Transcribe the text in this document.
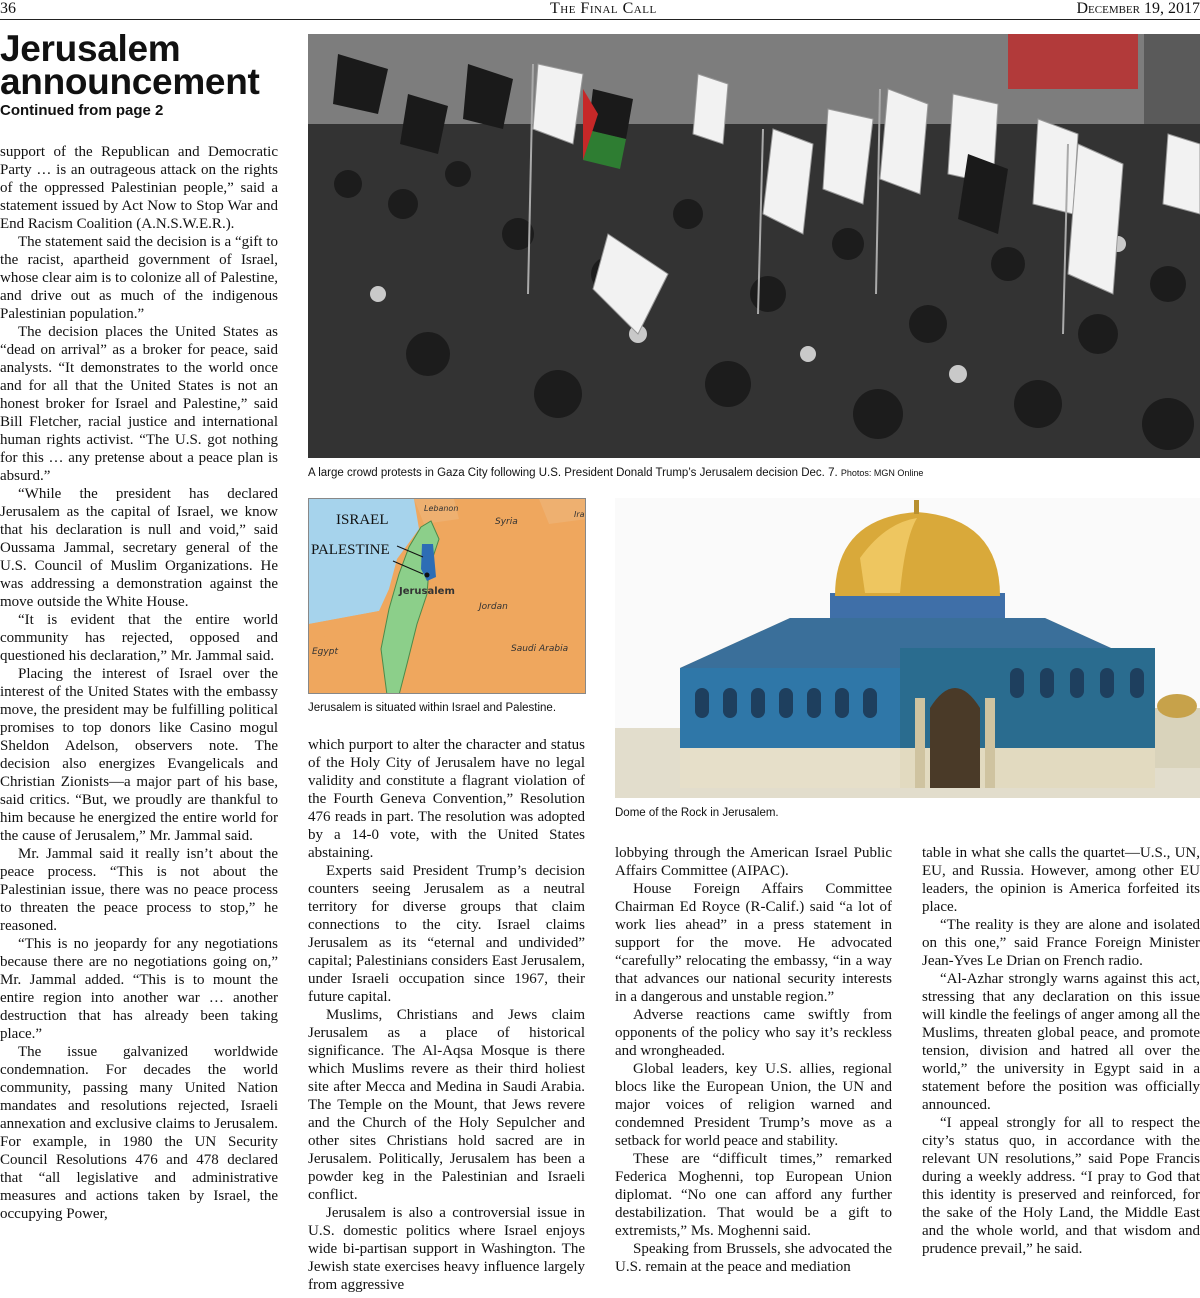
36	The Final Call	December 19, 2017
Jerusalem announcement
Continued from page 2

support of the Republican and Democratic Party … is an outrageous attack on the rights of the oppressed Palestinian people,” said a statement issued by Act Now to Stop War and End Racism Coalition (A.N.S.W.E.R.).

The statement said the decision is a “gift to the racist, apartheid government of Israel, whose clear aim is to colonize all of Palestine, and drive out as much of the indigenous Palestinian population.”

The decision places the United States as “dead on arrival” as a broker for peace, said analysts. “It demonstrates to the world once and for all that the United States is not an honest broker for Israel and Palestine,” said Bill Fletcher, racial justice and international human rights activist. “The U.S. got nothing for this … any pretense about a peace plan is absurd.”

“While the president has declared Jerusalem as the capital of Israel, we know that his declaration is null and void,” said Oussama Jammal, secretary general of the U.S. Council of Muslim Organizations. He was addressing a demonstration against the move outside the White House.

“It is evident that the entire world community has rejected, opposed and questioned his declaration,” Mr. Jammal said.

Placing the interest of Israel over the interest of the United States with the embassy move, the president may be fulfilling political promises to top donors like Casino mogul Sheldon Adelson, observers note. The decision also energizes Evangelicals and Christian Zionists—a major part of his base, said critics. “But, we proudly are thankful to him because he energized the entire world for the cause of Jerusalem,” Mr. Jammal said.

Mr. Jammal said it really isn’t about the peace process. “This is not about the Palestinian issue, there was no peace process to threaten the peace process to stop,” he reasoned.

“This is no jeopardy for any negotiations because there are no negotiations going on,” Mr. Jammal added. “This is to mount the entire region into another war … another destruction that has already been taking place.”

The issue galvanized worldwide condemnation. For decades the world community, passing many United Nation mandates and resolutions rejected, Israeli annexation and exclusive claims to Jerusalem. For example, in 1980 the UN Security Council Resolutions 476 and 478 declared that “all legislative and administrative measures and actions taken by Israel, the occupying Power,

A large crowd protests in Gaza City following U.S. President Donald Trump’s Jerusalem decision Dec. 7. Photos: MGN Online
ISRAEL
PALESTINE
Lebanon
Syria
Ira
Jerusalem
Jordan
Egypt	Saudi Arabia
Jerusalem is situated within Israel and Palestine.
Dome of the Rock in Jerusalem.

which purport to alter the character and status of the Holy City of Jerusalem have no legal validity and constitute a flagrant violation of the Fourth Geneva Convention,” Resolution 476 reads in part. The resolution was adopted by a 14-0 vote, with the United States abstaining.

Experts said President Trump’s decision counters seeing Jerusalem as a neutral territory for diverse groups that claim connections to the city. Israel claims Jerusalem as its “eternal and undivided” capital; Palestinians considers East Jerusalem, under Israeli occupation since 1967, their future capital.

Muslims, Christians and Jews claim Jerusalem as a place of historical significance. The Al-Aqsa Mosque is there which Muslims revere as their third holiest site after Mecca and Medina in Saudi Arabia. The Temple on the Mount, that Jews revere and the Church of the Holy Sepulcher and other sites Christians hold sacred are in Jerusalem. Politically, Jerusalem has been a powder keg in the Palestinian and Israeli conflict.

Jerusalem is also a controversial issue in U.S. domestic politics where Israel enjoys wide bi-partisan support in Washington. The Jewish state exercises heavy influence largely from aggressive

lobbying through the American Israel Public Affairs Committee (AIPAC).

House Foreign Affairs Committee Chairman Ed Royce (R-Calif.) said “a lot of work lies ahead” in a press statement in support for the move. He advocated “carefully” relocating the embassy, “in a way that advances our national security interests in a dangerous and unstable region.”

Adverse reactions came swiftly from opponents of the policy who say it’s reckless and wrongheaded.

Global leaders, key U.S. allies, regional blocs like the European Union, the UN and major voices of religion warned and condemned President Trump’s move as a setback for world peace and stability.

These are “difficult times,” remarked Federica Moghenni, top European Union diplomat. “No one can afford any further destabilization. That would be a gift to extremists,” Ms. Moghenni said.

Speaking from Brussels, she advocated the U.S. remain at the peace and mediation

table in what she calls the quartet—U.S., UN, EU, and Russia. However, among other EU leaders, the opinion is America forfeited its place.

“The reality is they are alone and isolated on this one,” said France Foreign Minister Jean-Yves Le Drian on French radio.

“Al-Azhar strongly warns against this act, stressing that any declaration on this issue will kindle the feelings of anger among all the Muslims, threaten global peace, and promote tension, division and hatred all over the world,” the university in Egypt said in a statement before the position was officially announced.

“I appeal strongly for all to respect the city’s status quo, in accordance with the relevant UN resolutions,” said Pope Francis during a weekly address. “I pray to God that this identity is preserved and reinforced, for the sake of the Holy Land, the Middle East and the whole world, and that wisdom and prudence prevail,” he said.
